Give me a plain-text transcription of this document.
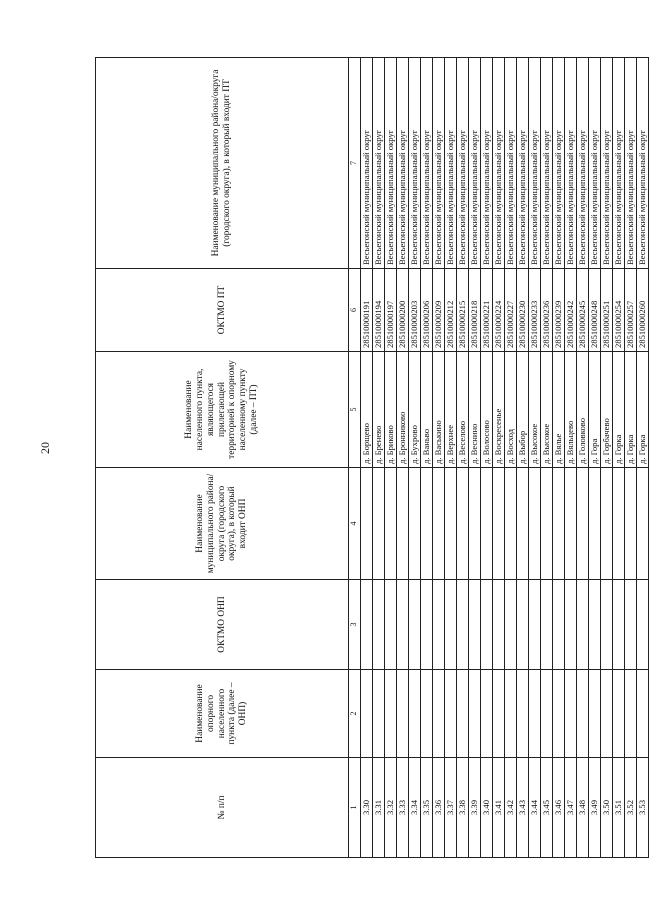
20
№ п/п	Наименование опорного населенного пункта (далее – ОНП)	ОКТМО ОНП	Наименование муниципального района/округа (городского округа), в который входит ОНП	Наименование населенного пункта, являющегося прилегающей территорией к опорному населенному пункту (далее – ПТ)	ОКТМО ПТ	Наименование муниципального района/округа (городского округа), в который входит ПТ
1	2	3	4	5	6	7
3.30				д. Борщево	28510000191	Весьегонский муниципальный округ
3.31				д. Бренево	28510000194	Весьегонский муниципальный округ
3.32				д. Бриково	28510000197	Весьегонский муниципальный округ
3.33				д. Бронниково	28510000200	Весьегонский муниципальный округ
3.34				д. Бухрово	28510000203	Весьегонский муниципальный округ
3.35				д. Ваньво	28510000206	Весьегонский муниципальный округ
3.36				д. Васькино	28510000209	Весьегонский муниципальный округ
3.37				д. Верхнее	28510000212	Весьегонский муниципальный округ
3.38				д. Веселово	28510000215	Весьегонский муниципальный округ
3.39				д. Веснино	28510000218	Весьегонский муниципальный округ
3.40				д. Волосово	28510000221	Весьегонский муниципальный округ
3.41				д. Воскресенье	28510000224	Весьегонский муниципальный округ
3.42				д. Восход	28510000227	Весьегонский муниципальный округ
3.43				д. Выбор	28510000230	Весьегонский муниципальный округ
3.44				д. Высокое	28510000233	Весьегонский муниципальный округ
3.45				д. Высокое	28510000236	Весьегонский муниципальный округ
3.46				д. Вялье	28510000239	Весьегонский муниципальный округ
3.47				д. Вяльцево	28510000242	Весьегонский муниципальный округ
3.48				д. Головково	28510000245	Весьегонский муниципальный округ
3.49				д. Гора	28510000248	Весьегонский муниципальный округ
3.50				д. Горбачево	28510000251	Весьегонский муниципальный округ
3.51				д. Горка	28510000254	Весьегонский муниципальный округ
3.52				д. Горка	28510000257	Весьегонский муниципальный округ
3.53				д. Горка	28510000260	Весьегонский муниципальный округ
